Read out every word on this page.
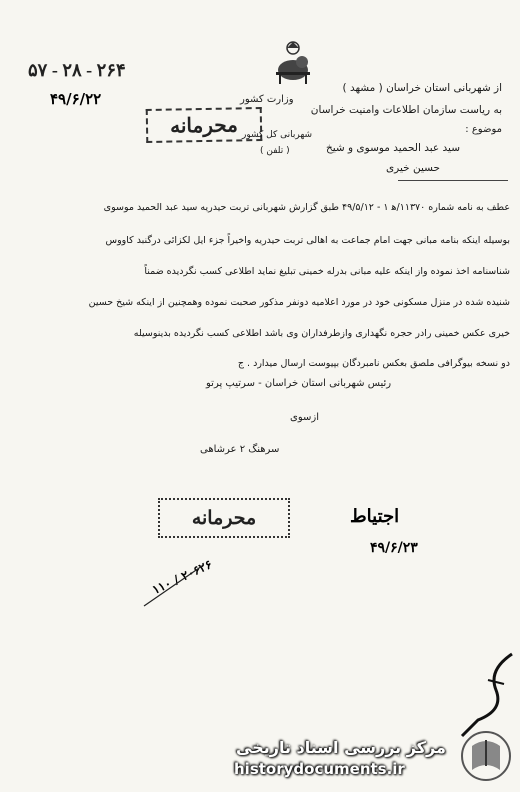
۵۷ - ۲۸ - ۲۶۴
۴۹/۶/۲۲	وزارت کشور
از شهربانی استان خراسان ( مشهد )
به ریاست سازمان اطلاعات وامنیت خراسان
موضوع :
محرمانه شهربانی کل کشور
( تلفن )	سید عبد الحمید موسوی و شیخ
حسین خیری
عطف به نامه شماره ۱۱۳۷۰/ه‍ ۱ - ۴۹/۵/۱۲ طبق گزارش شهربانی تربت‌ حیدریه سید عبد الحمید موسوی
بوسیله اینکه بنامه مبانی جهت امام جماعت به اهالی تربت‌ حیدریه واخیراً جزء ایل لکزائی درگنبد کاووس
شناسنامه اخذ نموده واز اینکه علیه مبانی بدرله خمینی تبلیغ نماید اطلاعی کسب نگردیده ضمناً
شنیده شده در منزل مسکونی خود در مورد اعلامیه دونفر مذکور صحبت نموده وهمچنین از اینکه شیخ حسین
خیری عکس خمینی رادر حجره نگهداری وازطرفداران وی باشد اطلاعی کسب نگردیده بدینوسیله
دو نسخه بیوگرافی ملصق بعکس نامبردگان بپیوست ارسال میدارد . ج
رئیس شهربانی استان خراسان - سرتیپ پرتو
ازسوی
سرهنگ ۲ عرشاهی
محرمانه	اجتیاط
۴۹/۶/۲۳
۱۱۰ / ۲۰۶۲۶
مرکز بررسی اسناد تاریخی
historydocuments.ir
